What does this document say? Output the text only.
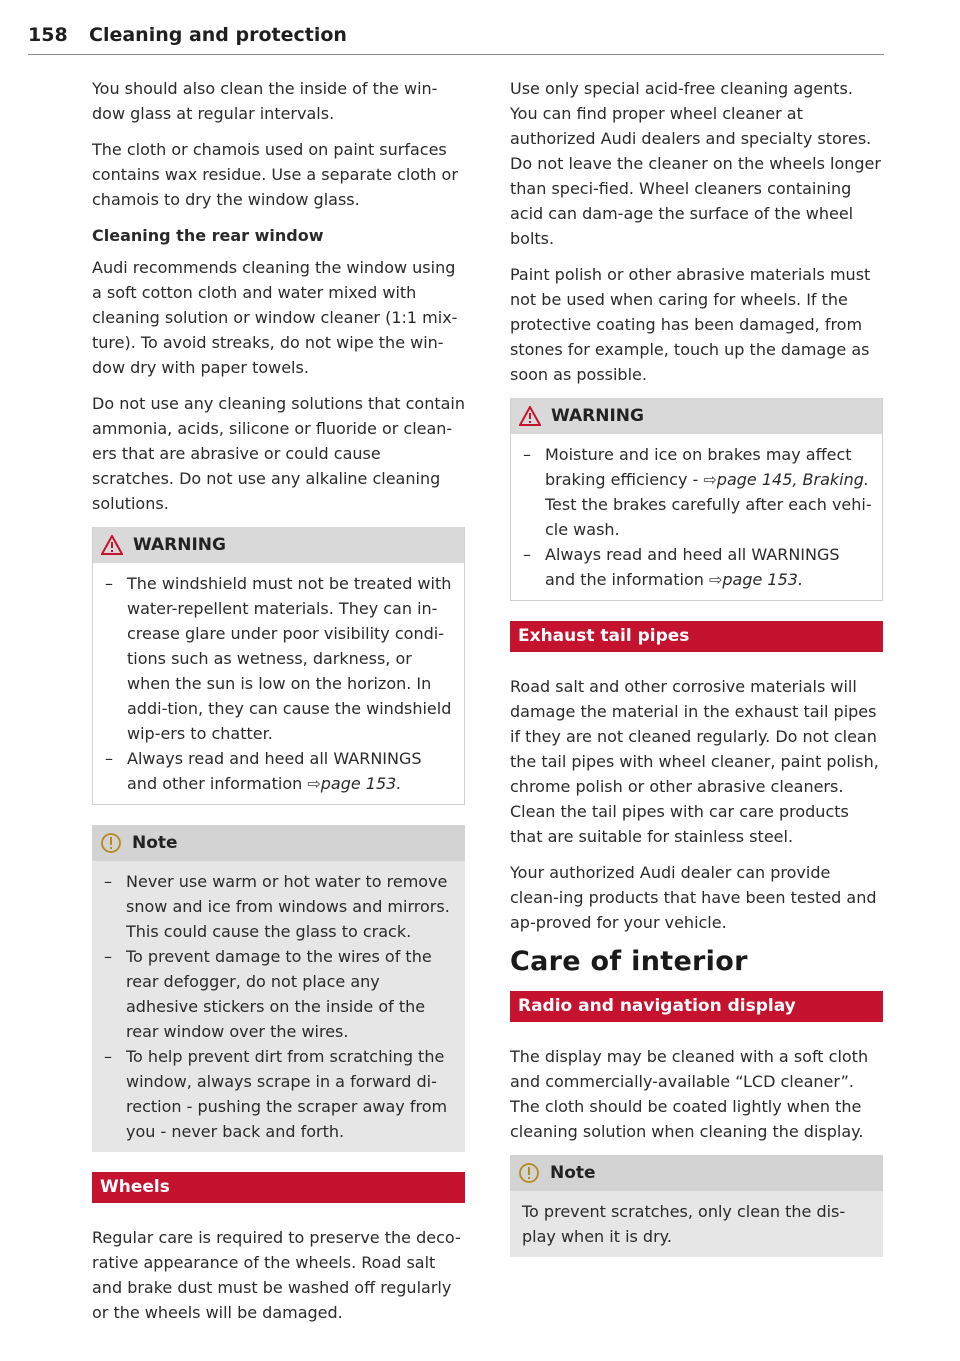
158 Cleaning and protection

You should also clean the inside of the win-dow glass at regular intervals.

The cloth or chamois used on paint surfaces contains wax residue. Use a separate cloth or chamois to dry the window glass.

Cleaning the rear window

Audi recommends cleaning the window using a soft cotton cloth and water mixed with cleaning solution or window cleaner (1:1 mix-ture). To avoid streaks, do not wipe the win-dow dry with paper towels.

Do not use any cleaning solutions that contain ammonia, acids, silicone or fluoride or clean-ers that are abrasive or could cause scratches. Do not use any alkaline cleaning solutions.

WARNING
– The windshield must not be treated with water-repellent materials. They can in-crease glare under poor visibility condi-tions such as wetness, darkness, or when the sun is low on the horizon. In addi-tion, they can cause the windshield wip-ers to chatter.
– Always read and heed all WARNINGS and other information ⇨page 153.
Note
– Never use warm or hot water to remove snow and ice from windows and mirrors. This could cause the glass to crack.
– To prevent damage to the wires of the rear defogger, do not place any adhesive stickers on the inside of the rear window over the wires.
– To help prevent dirt from scratching the window, always scrape in a forward di-rection - pushing the scraper away from you - never back and forth.
Wheels

Regular care is required to preserve the deco-rative appearance of the wheels. Road salt and brake dust must be washed off regularly or the wheels will be damaged.

Use only special acid-free cleaning agents. You can find proper wheel cleaner at authorized Audi dealers and specialty stores. Do not leave the cleaner on the wheels longer than speci-fied. Wheel cleaners containing acid can dam-age the surface of the wheel bolts.

Paint polish or other abrasive materials must not be used when caring for wheels. If the protective coating has been damaged, from stones for example, touch up the damage as soon as possible.

WARNING
– Moisture and ice on brakes may affect braking efficiency - ⇨page 145, Braking. Test the brakes carefully after each vehi-cle wash.
– Always read and heed all WARNINGS and the information ⇨page 153.
Exhaust tail pipes

Road salt and other corrosive materials will damage the material in the exhaust tail pipes if they are not cleaned regularly. Do not clean the tail pipes with wheel cleaner, paint polish, chrome polish or other abrasive cleaners. Clean the tail pipes with car care products that are suitable for stainless steel.

Your authorized Audi dealer can provide clean-ing products that have been tested and ap-proved for your vehicle.

Care of interior
Radio and navigation display

The display may be cleaned with a soft cloth and commercially-available “LCD cleaner”. The cloth should be coated lightly when the cleaning solution when cleaning the display.

Note

To prevent scratches, only clean the dis-play when it is dry.
